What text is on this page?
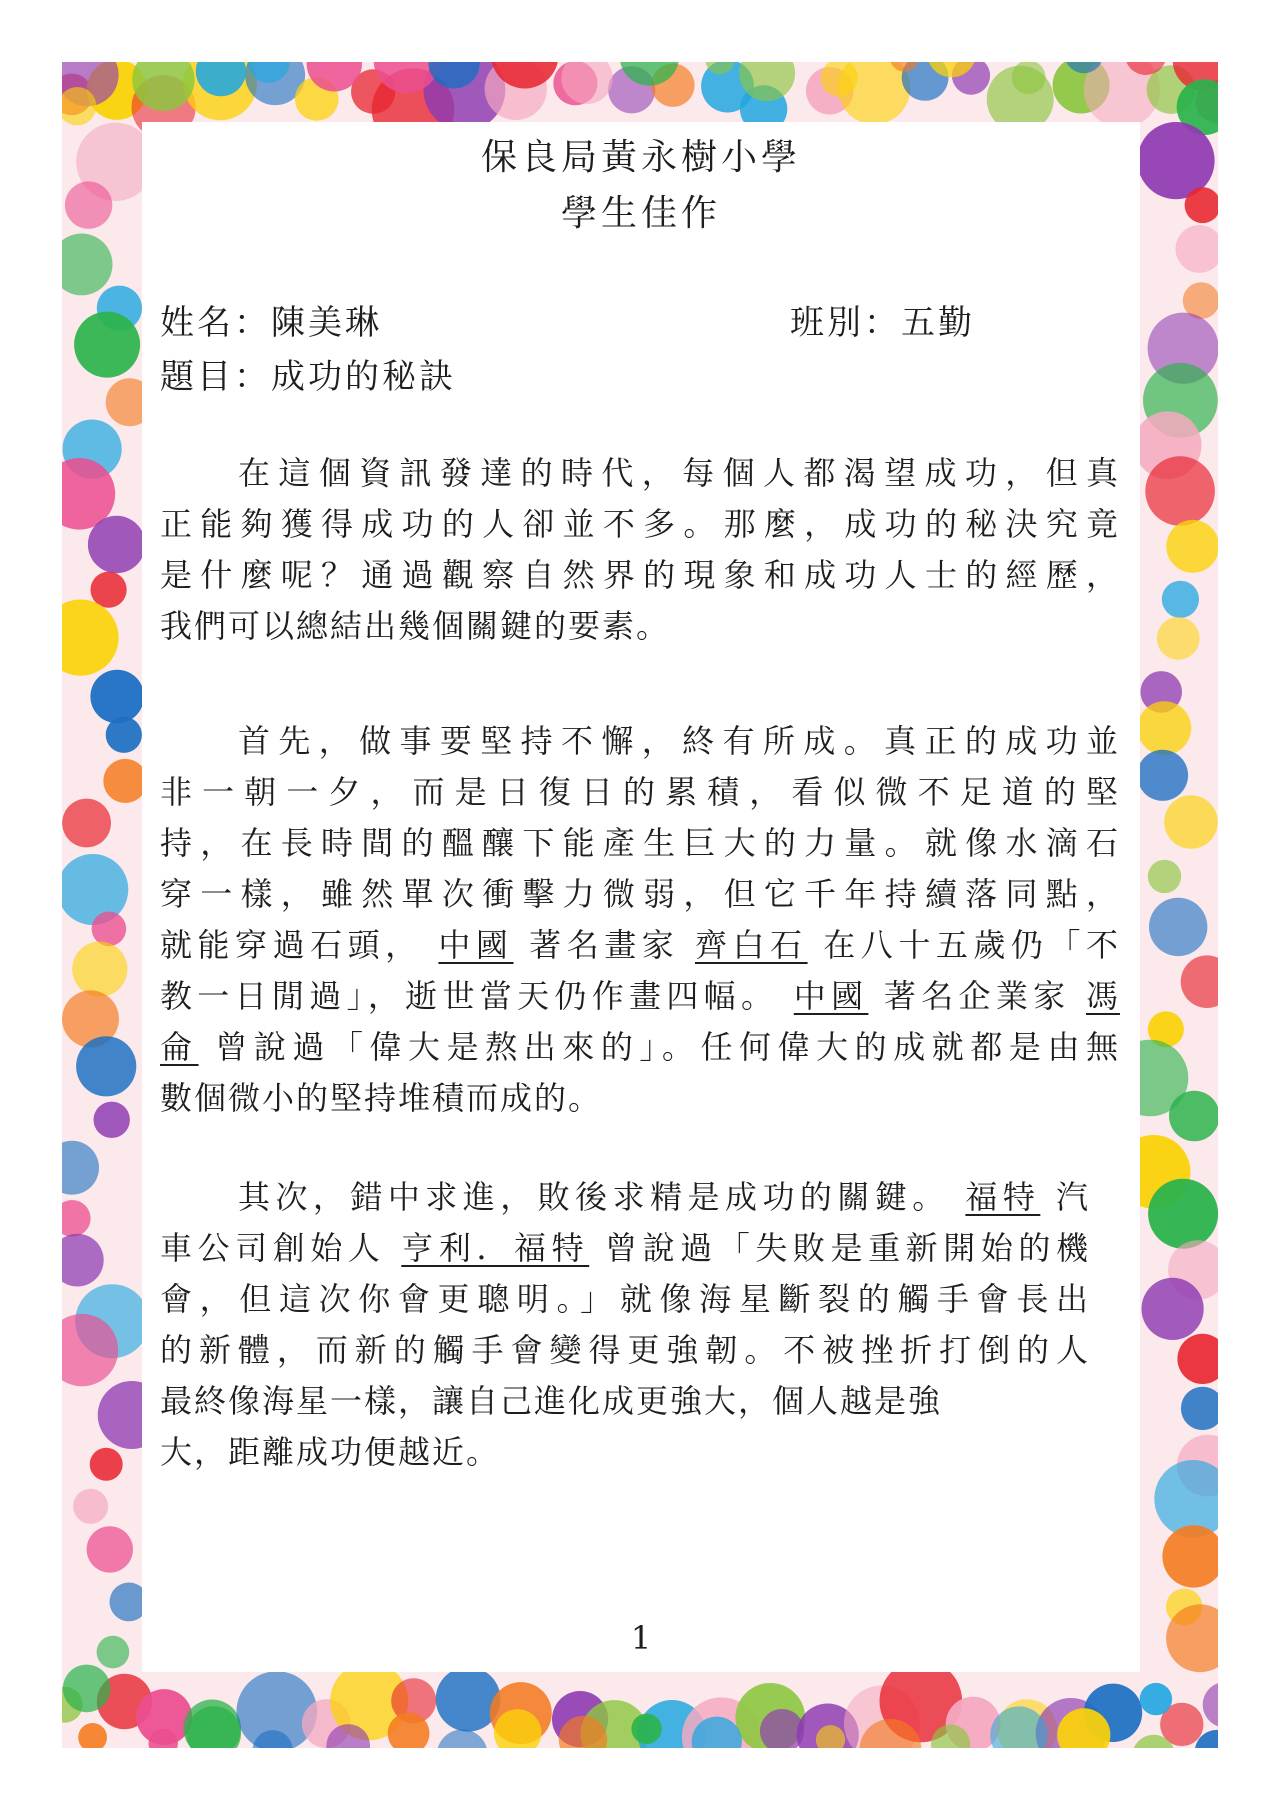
保良局黃永樹小學
學生佳作
姓名：陳美琳	班別：五勤
題目：成功的秘訣
在這個資訊發達的時代，每個人都渴望成功，但真
正能夠獲得成功的人卻並不多。那麼，成功的秘決究竟
是什麼呢？通過觀察自然界的現象和成功人士的經歷，
我們可以總結出幾個關鍵的要素。
首先，做事要堅持不懈，終有所成。真正的成功並
非一朝一夕，而是日復日的累積，看似微不足道的堅
持，在長時間的醞釀下能產生巨大的力量。就像水滴石
穿一樣，雖然單次衝擊力微弱，但它千年持續落同點，
就能穿過石頭， 中國 著名畫家 齊白石 在八十五歲仍「不
教一日閒過」，逝世當天仍作畫四幅。 中國 著名企業家 馮
侖 曾說過「偉大是熬出來的」。任何偉大的成就都是由無
數個微小的堅持堆積而成的。
其次，錯中求進，敗後求精是成功的關鍵。 福特 汽
車公司創始人 亨利．福特 曾說過「失敗是重新開始的機
會，但這次你會更聰明。」就像海星斷裂的觸手會長出
的新體，而新的觸手會變得更強韌。不被挫折打倒的人
最終像海星一樣，讓自己進化成更強大，個人越是強
大，距離成功便越近。
1
